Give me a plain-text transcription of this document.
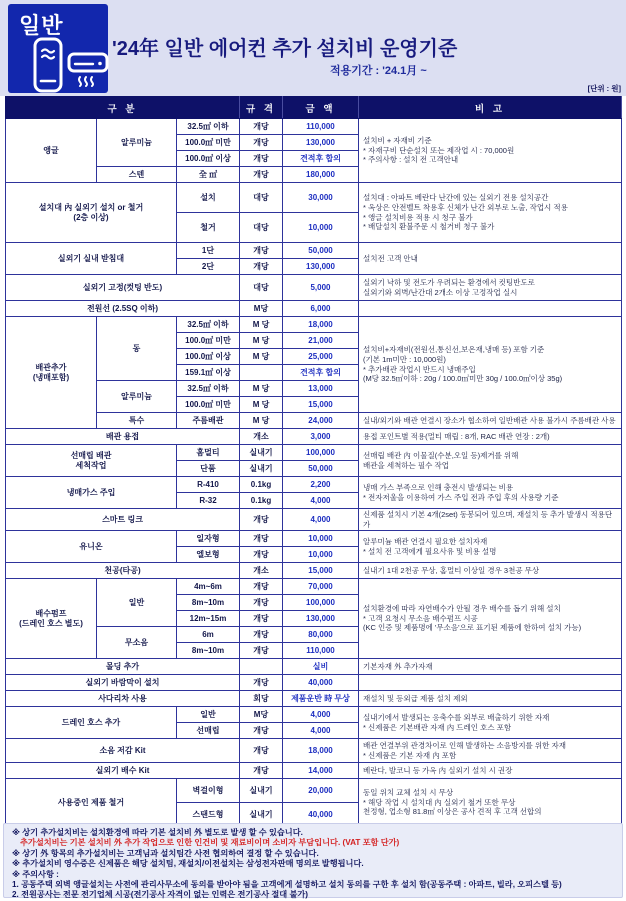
일반
'24年 일반 에어컨 추가 설치비 운영기준
적용기간 : '24.1月 ~
[단위 : 원]
구 분			규 격	금 액	비 고
앵글	알루미늄	32.5㎡ 이하	개당	110,000	설치비 + 자재비 기준
* 자재구비 단순설치 또는 제작업 시 : 70,000원
* 주의사항 : 설치 전 고객안내

		100.0㎡ 미만	개당	130,000	
		100.0㎡ 이상	개당	견적후 합의	
	스텐	全 ㎡	개당	180,000	

설치대 內 실외기 설치 or 철거
(2층 이상)
	설치	대당	30,000	설치대 : 아파트 베란다 난간에 있는 실외기 전용 설치공간
* 옥상은 안전벨트 착용후 신체가 난간 외부로 노출, 작업시 적용
* 앵글 설치비용 적용 시 청구 불가
* 배달설치 환불주문 시 철거비 청구 불가

		철거	대당	10,000	
실외기 실내 받침대		1단	개당	50,000	설치전 고객 안내
		2단	개당	130,000	
실외기 고정(컷팅 반도)			대당	5,000	실외기 낙하 및 전도가 우려되는 환경에서 컷팅반도로
실외기와 외벽/난간대 2개소 이상 고정작업 실시

전원선 (2.5SQ 이하)			M당	6,000	

배관추가
(냉매포함)
	동	32.5㎡ 이하	M 당	18,000	
설치비+자재비(전원선,통신선,보온재,냉매 등) 포함 기준
(기본 1m미만 : 10,000원)
* 추가배관 작업시 반드시 냉매주입
(M당 32.5㎡이하 : 20g / 100.0㎡미만 30g / 100.0㎡이상 35g)

		100.0㎡ 미만	M 당	21,000	
		100.0㎡ 이상	M 당	25,000	
		159.1㎡ 이상		견적후 합의	
	알루미늄	32.5㎡ 이하	M 당	13,000	
		100.0㎡ 미만	M 당	15,000	
	특수	주름배관	M 당	24,000	실내/외기와 배관 연결시 장소가 협소하여 일반배관 사용 불가시 주름배관 사용
배관 용접			개소	3,000	용접 포인트별 적용(멀티 매립 : 8개, RAC 배관 연장 : 2개)

선매립 배관
세척작업
	홈멀티	실내기	100,000	선매립 배관 內 이물질(수분,오일 등)제거를 위해
배관을 세척하는 필수 작업

		단품	실내기	50,000	
냉매가스 주입		R-410	0.1kg	2,200	냉매 가스 부족으로 인해 충전시 발생되는 비용
* 전자저울을 이용하여 가스 주입 전과 주입 후의 사용량 기준

		R-32	0.1kg	4,000	
스마트 링크			개당	4,000	신제품 설치시 기본 4개(2set) 동봉되어 있으며, 재설치 등 추가 발생시 적용단가
유니온		일자형	개당	10,000	알루미늄 배관 연결시 필요한 설치자재
* 설치 전 고객에게 필요사유 및 비용 설명

		엘보형	개당	10,000	
천공(타공)			개소	15,000	실내기 1대 2천공 무상, 홈멀티 이상일 경우 3천공 무상

배수펌프
(드레인 호스 별도)
	일반	4m~6m	개당	70,000	
설치환경에 따라 자연배수가 안될 경우 배수를 돕기 위해 설치
* 고객 요청시 무소음 배수펌프 시공
(KC 인증 및 제품명에 '무소음'으로 표기된 제품에 한하여 설치 가능)

		8m~10m	개당	100,000	
		12m~15m	개당	130,000	
	무소음	6m	개당	80,000	
		8m~10m	개당	110,000	
몰딩 추가				실비	기본자재 外 추가자재
실외기 바람막이 설치			개당	40,000	
사다리차 사용			회당	제품운반 時 무상	재설치 및 등외급 제품 설치 제외
드레인 호스 추가		일반	M당	4,000	실내기에서 발생되는 응축수를 외부로 배출하기 위한 자재
* 신제품은 기본배관 자재 內 드레인 호스 포함

		선매립	개당	4,000	
소음 저감 Kit			개당	18,000	배관 연결부위 관경차이로 인해 발생하는 소음방지를 위한 자재
* 신제품은 기본 자재 內 포함

실외기 배수 Kit			개당	14,000	베란다, 발코니 등 가옥 內 실외기 설치 시 권장
사용중인 제품 철거		벽걸이형	실내기	20,000	동일 위치 교체 설치 시 무상
* 해당 작업 시 설치대 內 실외기 철거 또한 무상
천정형, 업소형 81.8㎡ 이상은 공사 견적 후 고객 선합의

		스탠드형	실내기	40,000	
※ 상기 추가설치비는 설치환경에 따라 기본 설치비 外 별도로 발생 할 수 있습니다.
추가설치비는 기본 설치비 外 추가 작업으로 인한 인건비 및 재료비이며 소비자 부담입니다. (VAT 포함 단가)
※ 상기 外 항목의 추가설치비는 고객님과 설치팀간 사전 협의하여 결정 할 수 있습니다.
※ 추가설치비 영수증은 신제품은 해당 설치팀, 재설치/이전설치는 삼성전자판매 명의로 발행됩니다.
※ 주의사항 :
1. 공동주택 외벽 앵글설치는 사전에 관리사무소에 동의를 받아야 됨을 고객에게 설명하고 설치 동의를 구한 후 설치 함(공동주택 : 아파트, 빌라, 오피스텔 등)
2. 전원공사는 전문 전기업체 시공(전기공사 자격이 없는 인력은 전기공사 절대 불가)
